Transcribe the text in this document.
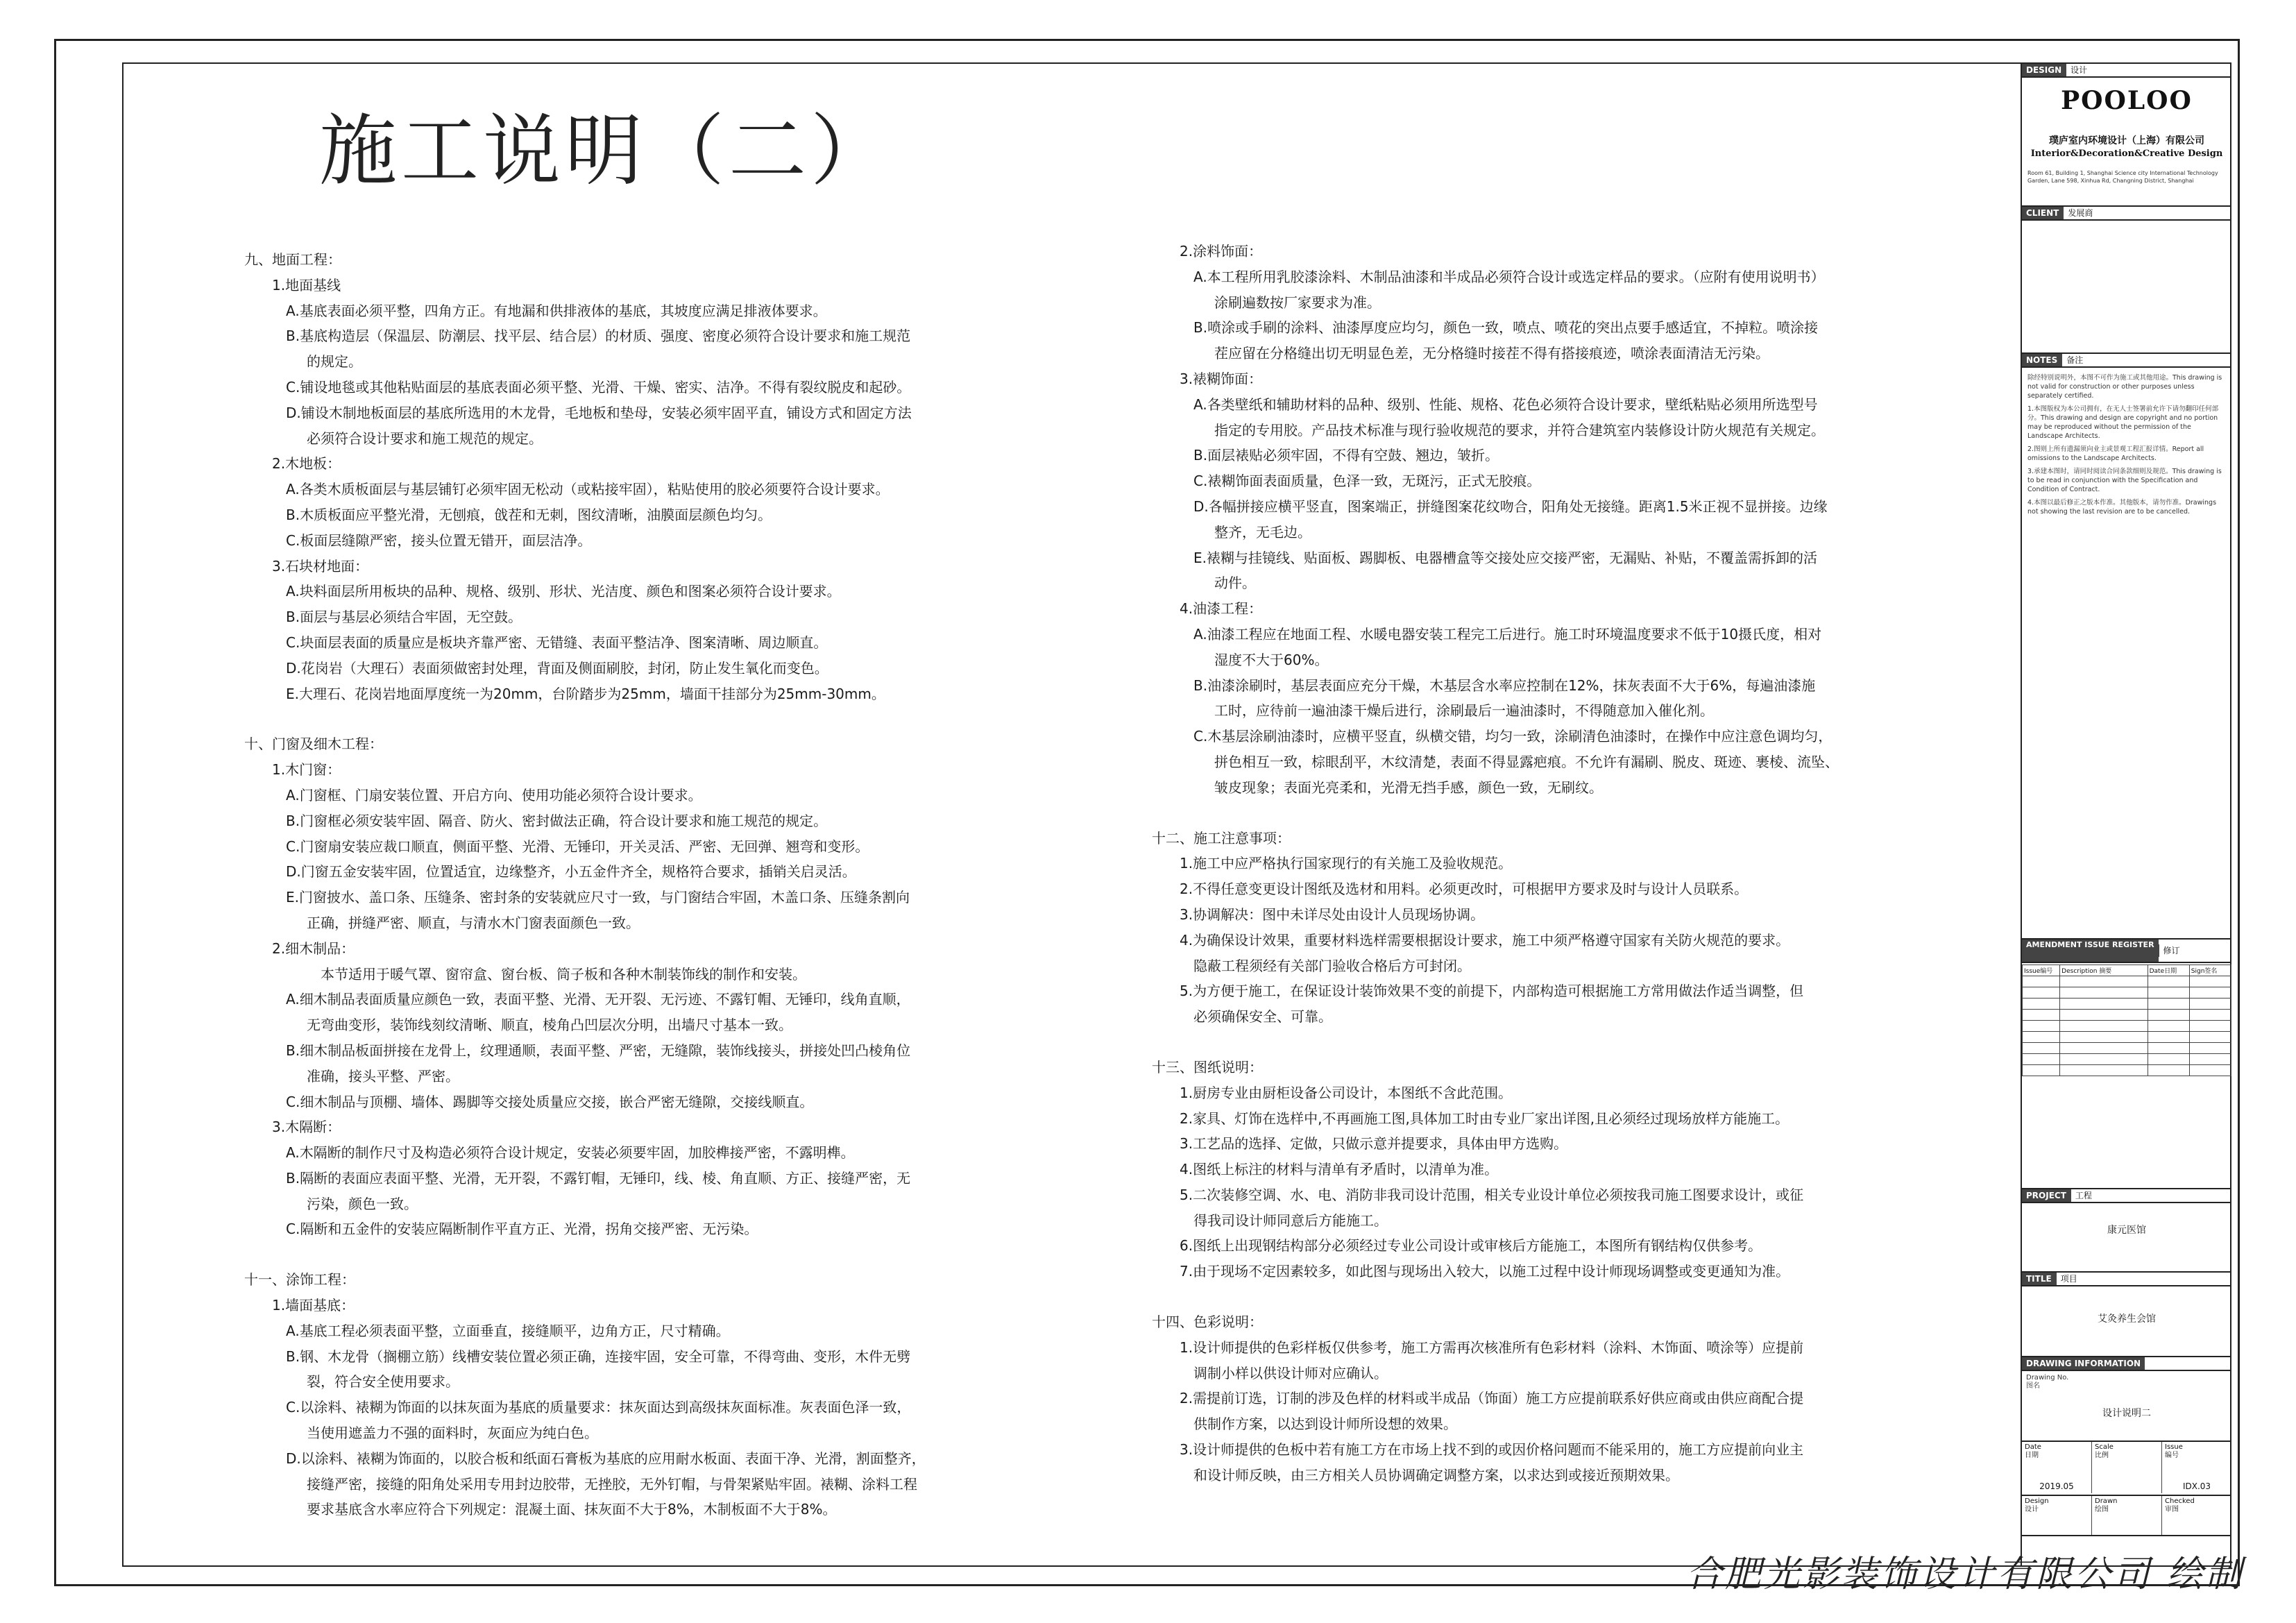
施工说明（二）

九、地面工程：

1.地面基线

A.基底表面必须平整，四角方正。有地漏和供排液体的基底，其坡度应满足排液体要求。

B.基底构造层（保温层、防潮层、找平层、结合层）的材质、强度、密度必须符合设计要求和施工规范

的规定。

C.铺设地毯或其他粘贴面层的基底表面必须平整、光滑、干燥、密实、洁净。不得有裂纹脱皮和起砂。

D.铺设木制地板面层的基底所选用的木龙骨，毛地板和垫母，安装必须牢固平直，铺设方式和固定方法

必须符合设计要求和施工规范的规定。

2.木地板：

A.各类木质板面层与基层铺钉必须牢固无松动（或粘接牢固），粘贴使用的胶必须要符合设计要求。

B.木质板面应平整光滑，无刨痕，戗茬和无刺，图纹清晰，油膜面层颜色均匀。

C.板面层缝隙严密，接头位置无错开，面层洁净。

3.石块材地面：

A.块料面层所用板块的品种、规格、级别、形状、光洁度、颜色和图案必须符合设计要求。

B.面层与基层必须结合牢固，无空鼓。

C.块面层表面的质量应是板块齐靠严密、无错缝、表面平整洁净、图案清晰、周边顺直。

D.花岗岩（大理石）表面须做密封处理，背面及侧面刷胶，封闭，防止发生氧化而变色。

E.大理石、花岗岩地面厚度统一为20mm，台阶踏步为25mm，墙面干挂部分为25mm-30mm。

十、门窗及细木工程：

1.木门窗：

A.门窗框、门扇安装位置、开启方向、使用功能必须符合设计要求。

B.门窗框必须安装牢固、隔音、防火、密封做法正确，符合设计要求和施工规范的规定。

C.门窗扇安装应裁口顺直，侧面平整、光滑、无锤印，开关灵活、严密、无回弹、翘弯和变形。

D.门窗五金安装牢固，位置适宜，边缘整齐，小五金件齐全，规格符合要求，插销关启灵活。

E.门窗披水、盖口条、压缝条、密封条的安装就应尺寸一致，与门窗结合牢固，木盖口条、压缝条割向

正确，拼缝严密、顺直，与清水木门窗表面颜色一致。

2.细木制品：

本节适用于暖气罩、窗帘盒、窗台板、筒子板和各种木制装饰线的制作和安装。

A.细木制品表面质量应颜色一致，表面平整、光滑、无开裂、无污迹、不露钉帽、无锤印，线角直顺，

无弯曲变形，装饰线刻纹清晰、顺直，棱角凸凹层次分明，出墙尺寸基本一致。

B.细木制品板面拼接在龙骨上，纹理通顺，表面平整、严密，无缝隙，装饰线接头，拼接处凹凸棱角位

准确，接头平整、严密。

C.细木制品与顶棚、墙体、踢脚等交接处质量应交接，嵌合严密无缝隙，交接线顺直。

3.木隔断：

A.木隔断的制作尺寸及构造必须符合设计规定，安装必须要牢固，加胶榫接严密，不露明榫。

B.隔断的表面应表面平整、光滑，无开裂，不露钉帽，无锤印，线、棱、角直顺、方正、接缝严密，无

污染，颜色一致。

C.隔断和五金件的安装应隔断制作平直方正、光滑，拐角交接严密、无污染。

十一、涂饰工程：

1.墙面基底：

A.基底工程必须表面平整，立面垂直，接缝顺平，边角方正，尺寸精确。

B.钢、木龙骨（搁棚立筋）线槽安装位置必须正确，连接牢固，安全可靠，不得弯曲、变形，木件无劈

裂，符合安全使用要求。

C.以涂料、裱糊为饰面的以抹灰面为基底的质量要求：抹灰面达到高级抹灰面标准。灰表面色泽一致，

当使用遮盖力不强的面料时，灰面应为纯白色。

D.以涂料、裱糊为饰面的，以胶合板和纸面石膏板为基底的应用耐水板面、表面干净、光滑，割面整齐，

接缝严密，接缝的阳角处采用专用封边胶带，无挫胶，无外钉帽，与骨架紧贴牢固。裱糊、涂料工程

要求基底含水率应符合下列规定：混凝土面、抹灰面不大于8%，木制板面不大于8%。

2.涂料饰面：

A.本工程所用乳胶漆涂料、木制品油漆和半成品必须符合设计或选定样品的要求。（应附有使用说明书）

涂刷遍数按厂家要求为准。

B.喷涂或手刷的涂料、油漆厚度应均匀，颜色一致，喷点、喷花的突出点要手感适宜，不掉粒。喷涂接

茬应留在分格缝出切无明显色差，无分格缝时接茬不得有搭接痕迹，喷涂表面清洁无污染。

3.裱糊饰面：

A.各类壁纸和辅助材料的品种、级别、性能、规格、花色必须符合设计要求，壁纸粘贴必须用所选型号

指定的专用胶。产品技术标准与现行验收规范的要求，并符合建筑室内装修设计防火规范有关规定。

B.面层裱贴必须牢固，不得有空鼓、翘边，皱折。

C.裱糊饰面表面质量，色泽一致，无斑污，正式无胶痕。

D.各幅拼接应横平竖直，图案端正，拼缝图案花纹吻合，阳角处无接缝。距离1.5米正视不显拼接。边缘

整齐，无毛边。

E.裱糊与挂镜线、贴面板、踢脚板、电器槽盒等交接处应交接严密，无漏贴、补贴，不覆盖需拆卸的活

动件。

4.油漆工程：

A.油漆工程应在地面工程、水暖电器安装工程完工后进行。施工时环境温度要求不低于10摄氏度，相对

湿度不大于60%。

B.油漆涂刷时，基层表面应充分干燥，木基层含水率应控制在12%，抹灰表面不大于6%，每遍油漆施

工时，应待前一遍油漆干燥后进行，涂刷最后一遍油漆时，不得随意加入催化剂。

C.木基层涂刷油漆时，应横平竖直，纵横交错，均匀一致，涂刷清色油漆时，在操作中应注意色调均匀，

拼色相互一致，棕眼刮平，木纹清楚，表面不得显露疤痕。不允许有漏刷、脱皮、斑迹、裹棱、流坠、

皱皮现象；表面光亮柔和，光滑无挡手感，颜色一致，无刷纹。

十二、施工注意事项：

1.施工中应严格执行国家现行的有关施工及验收规范。

2.不得任意变更设计图纸及选材和用料。必须更改时，可根据甲方要求及时与设计人员联系。

3.协调解决：图中未详尽处由设计人员现场协调。

4.为确保设计效果，重要材料选样需要根据设计要求，施工中须严格遵守国家有关防火规范的要求。

隐蔽工程须经有关部门验收合格后方可封闭。

5.为方便于施工，在保证设计装饰效果不变的前提下，内部构造可根据施工方常用做法作适当调整，但

必须确保安全、可靠。

十三、图纸说明：

1.厨房专业由厨柜设备公司设计，本图纸不含此范围。

2.家具、灯饰在选样中,不再画施工图,具体加工时由专业厂家出详图,且必须经过现场放样方能施工。

3.工艺品的选择、定做，只做示意并提要求，具体由甲方选购。

4.图纸上标注的材料与清单有矛盾时，以清单为准。

5.二次装修空调、水、电、消防非我司设计范围，相关专业设计单位必须按我司施工图要求设计，或征

得我司设计师同意后方能施工。

6.图纸上出现钢结构部分必须经过专业公司设计或审核后方能施工，本图所有钢结构仅供参考。

7.由于现场不定因素较多，如此图与现场出入较大，以施工过程中设计师现场调整或变更通知为准。

十四、色彩说明：

1.设计师提供的色彩样板仅供参考，施工方需再次核准所有色彩材料（涂料、木饰面、喷涂等）应提前

调制小样以供设计师对应确认。

2.需提前订选，订制的涉及色样的材料或半成品（饰面）施工方应提前联系好供应商或由供应商配合提

供制作方案，以达到设计师所设想的效果。

3.设计师提供的色板中若有施工方在市场上找不到的或因价格问题而不能采用的，施工方应提前向业主

和设计师反映，由三方相关人员协调确定调整方案，以求达到或接近预期效果。

DESIGN	设计
POOLOO
璞庐室内环境设计（上海）有限公司
Interior&Decoration&Creative Design
Room 61, Building 1, Shanghai Science city International Technology Garden, Lane 598, Xinhua Rd, Changning District, Shanghai
CLIENT	发展商
NOTES	备注

除经特别说明外，本图不可作为施工或其他用途。This drawing is not valid for construction or other purposes unless separately certified.

1.本图版权为本公司拥有，在无人士签署前允许下请勿翻印任何部分。This drawing and design are copyright and no portion may be reproduced without the permission of the Landscape Architects.

2.图则上所有遗漏须向业主或景观工程汇报详情。Report all omissions to the Landscape Architects.

3.承建本图时，请同时阅读合同条款细则及规范。This drawing is to be read in conjunction with the Specification and Condition of Contract.

4.本图以最后修正之版本作准。其他版本，请勿作准。Drawings not showing the last revision are to be cancelled.

AMENDMENT ISSUE REGISTER
修订
Issue编号	Description 摘要	Date日期	Sign签名

PROJECT	工程
康元医馆
TITLE	项目
艾灸养生会馆
DRAWING INFORMATION
Drawing No.
图名
设计说明二
Date
日期
2019.05
Scale
比例
Issue
编号
IDX.03
Design
设计
Drawn
绘图
Checked
审图
合肥光影装饰设计有限公司 绘制
